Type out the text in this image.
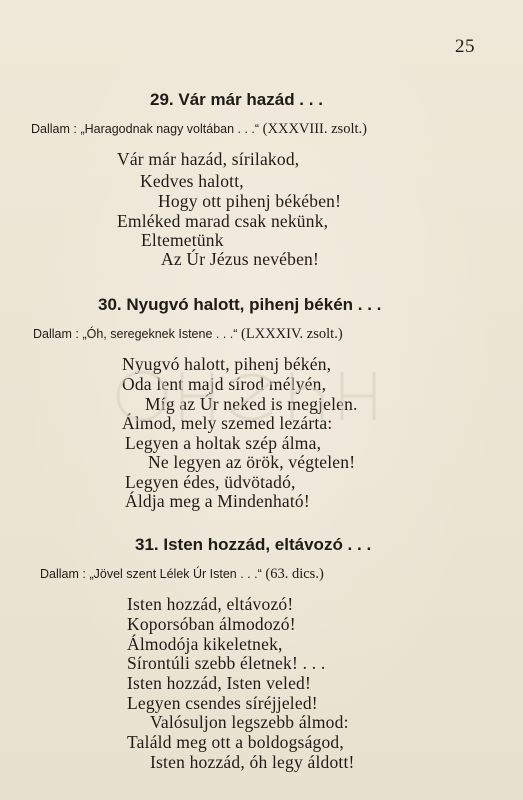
25
29. Vár már hazád . . .
Dallam : „Haragodnak nagy voltában . . .“ (XXXVIII. zsolt.)
Vár már hazád, sírilakod,
Kedves halott,
Hogy ott pihenj békében!
Emléked marad csak nekünk,
Eltemetünk
Az Úr Jézus nevében!
30. Nyugvó halott, pihenj békén . . .
Dallam : „Óh, seregeknek Istene . . .“ (LXXXIV. zsolt.)
Nyugvó halott, pihenj békén,
Oda lent majd sírod mélyén,
Míg az Úr neked is megjelen.
Álmod, mely szemed lezárta:
Legyen a holtak szép álma,
Ne legyen az örök, végtelen!
Legyen édes, üdvötadó,
Áldja meg a Mindenható!
31. Isten hozzád, eltávozó . . .
Dallam : „Jövel szent Lélek Úr Isten . . .“ (63. dics.)
Isten hozzád, eltávozó!
Koporsóban álmodozó!
Álmodója kikeletnek,
Sírontúli szebb életnek! . . .
Isten hozzád, Isten veled!
Legyen csendes síréjjeled!
Valósuljon legszebb álmod:
Találd meg ott a boldogságod,
Isten hozzád, óh legy áldott!
